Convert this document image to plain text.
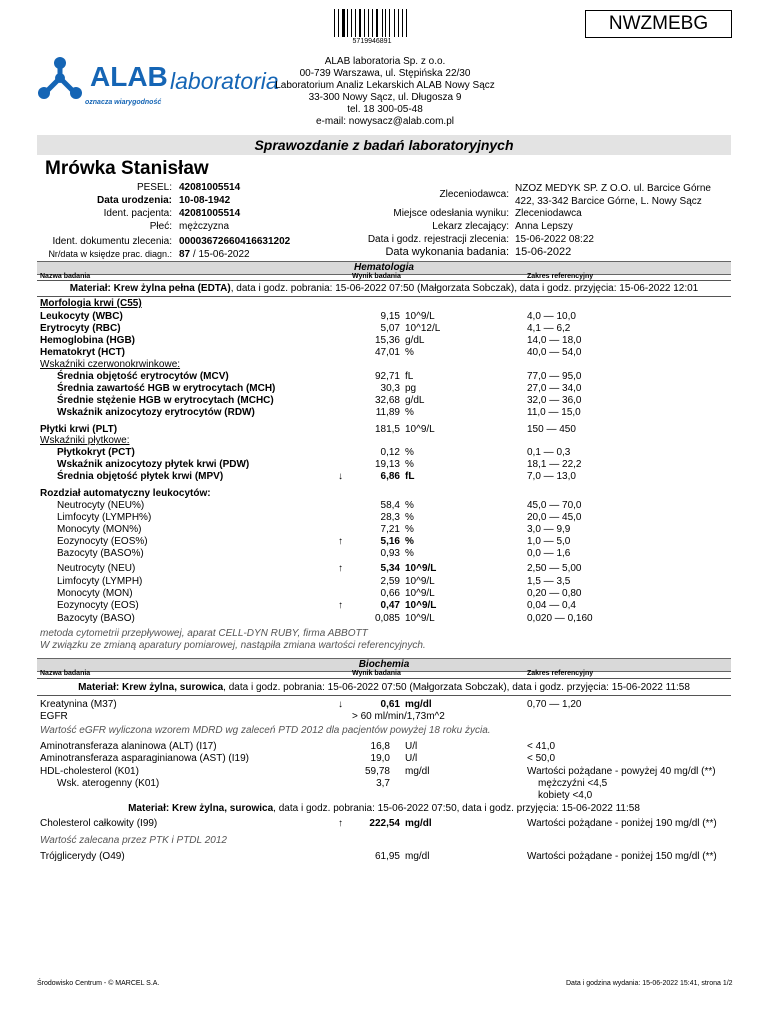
5719946891
NWZMEBG
ALAB laboratoria
oznacza wiarygodność
ALAB laboratoria Sp. z o.o.
00-739 Warszawa, ul. Stępińska 22/30
Laboratorium Analiz Lekarskich ALAB Nowy Sącz
33-300 Nowy Sącz, ul. Długosza 9
tel. 18 300-05-48
e-mail: nowysacz@alab.com.pl
Sprawozdanie z badań laboratoryjnych
Mrówka Stanisław
PESEL: 42081005514
Data urodzenia: 10-08-1942
Ident. pacjenta: 42081005514
Płeć: mężczyzna
Ident. dokumentu zlecenia: 00003672660416631202
Nr/data w księdze prac. diagn.: 87 / 15-06-2022
Zleceniodawca:
NZOZ MEDYK SP. Z O.O. ul. Barcice Górne
422, 33-342 Barcice Górne, L. Nowy Sącz
Miejsce odesłania wyniku: Zleceniodawca
Lekarz zlecający: Anna Lepszy
Data i godz. rejestracji zlecenia: 15-06-2022 08:22
Data wykonania badania: 15-06-2022
Hematologia
Nazwa badania	Wynik badania	Zakres referencyjny
Materiał: Krew żylna pełna (EDTA), data i godz. pobrania: 15-06-2022 07:50 (Małgorzata Sobczak), data i godz. przyjęcia: 15-06-2022 12:01
Morfologia krwi (C55)
Leukocyty (WBC)	9,15 10^9/L	4,0 — 10,0
Erytrocyty (RBC)	5,07 10^12/L	4,1 — 6,2
Hemoglobina (HGB)	15,36 g/dL	14,0 — 18,0
Hematokryt (HCT)	47,01 %	40,0 — 54,0
Wskaźniki czerwonokrwinkowe:
Średnia objętość erytrocytów (MCV)	92,71 fL	77,0 — 95,0
Średnia zawartość HGB w erytrocytach (MCH)	30,3 pg	27,0 — 34,0
Średnie stężenie HGB w erytrocytach (MCHC)	32,68 g/dL	32,0 — 36,0
Wskaźnik anizocytozy erytrocytów (RDW)	11,89 %	11,0 — 15,0
Płytki krwi (PLT)	181,5 10^9/L	150 — 450
Wskaźniki płytkowe:
Płytkokryt (PCT)	0,12 %	0,1 — 0,3
Wskaźnik anizocytozy płytek krwi (PDW)	19,13 %	18,1 — 22,2
Średnia objętość płytek krwi (MPV)	↓	6,86 fL	7,0 — 13,0
Rozdział automatyczny leukocytów:
Neutrocyty (NEU%)	58,4 %	45,0 — 70,0
Limfocyty (LYMPH%)	28,3 %	20,0 — 45,0
Monocyty (MON%)	7,21 %	3,0 — 9,9
Eozynocyty (EOS%)	↑	5,16 %	1,0 — 5,0
Bazocyty (BASO%)	0,93 %	0,0 — 1,6
Neutrocyty (NEU)	↑	5,34 10^9/L	2,50 — 5,00
Limfocyty (LYMPH)	2,59 10^9/L	1,5 — 3,5
Monocyty (MON)	0,66 10^9/L	0,20 — 0,80
Eozynocyty (EOS)	↑	0,47 10^9/L	0,04 — 0,4
Bazocyty (BASO)	0,085 10^9/L	0,020 — 0,160
metoda cytometrii przepływowej, aparat CELL-DYN RUBY, firma ABBOTT
W związku ze zmianą aparatury pomiarowej, nastąpiła zmiana wartości referencyjnych.
Biochemia
Nazwa badania	Wynik badania	Zakres referencyjny
Materiał: Krew żylna, surowica, data i godz. pobrania: 15-06-2022 07:50 (Małgorzata Sobczak), data i godz. przyjęcia: 15-06-2022 11:58
Kreatynina (M37)	↓	0,61 mg/dl	0,70 — 1,20
EGFR	> 60 ml/min/1,73m^2
Wartość eGFR wyliczona wzorem MDRD wg zaleceń PTD 2012 dla pacjentów powyżej 18 roku życia.
Aminotransferaza alaninowa (ALT) (I17)	16,8 U/l	< 41,0
Aminotransferaza asparaginianowa (AST) (I19)	19,0 U/l	< 50,0
HDL-cholesterol (K01)	59,78 mg/dl	Wartości pożądane - powyżej 40 mg/dl (**)
Wsk. aterogenny (K01)	3,7	mężczyźni <4,5
kobiety <4,0
Materiał: Krew żylna, surowica, data i godz. pobrania: 15-06-2022 07:50, data i godz. przyjęcia: 15-06-2022 11:58
Cholesterol całkowity (I99)	↑	222,54 mg/dl	Wartości pożądane - poniżej 190 mg/dl (**)
Wartość zalecana przez PTK i PTDL 2012
Trójglicerydy (O49)	61,95 mg/dl	Wartości pożądane - poniżej 150 mg/dl (**)
Środowisko Centrum - © MARCEL S.A.	Data i godzina wydania: 15-06-2022 15:41, strona 1/2
